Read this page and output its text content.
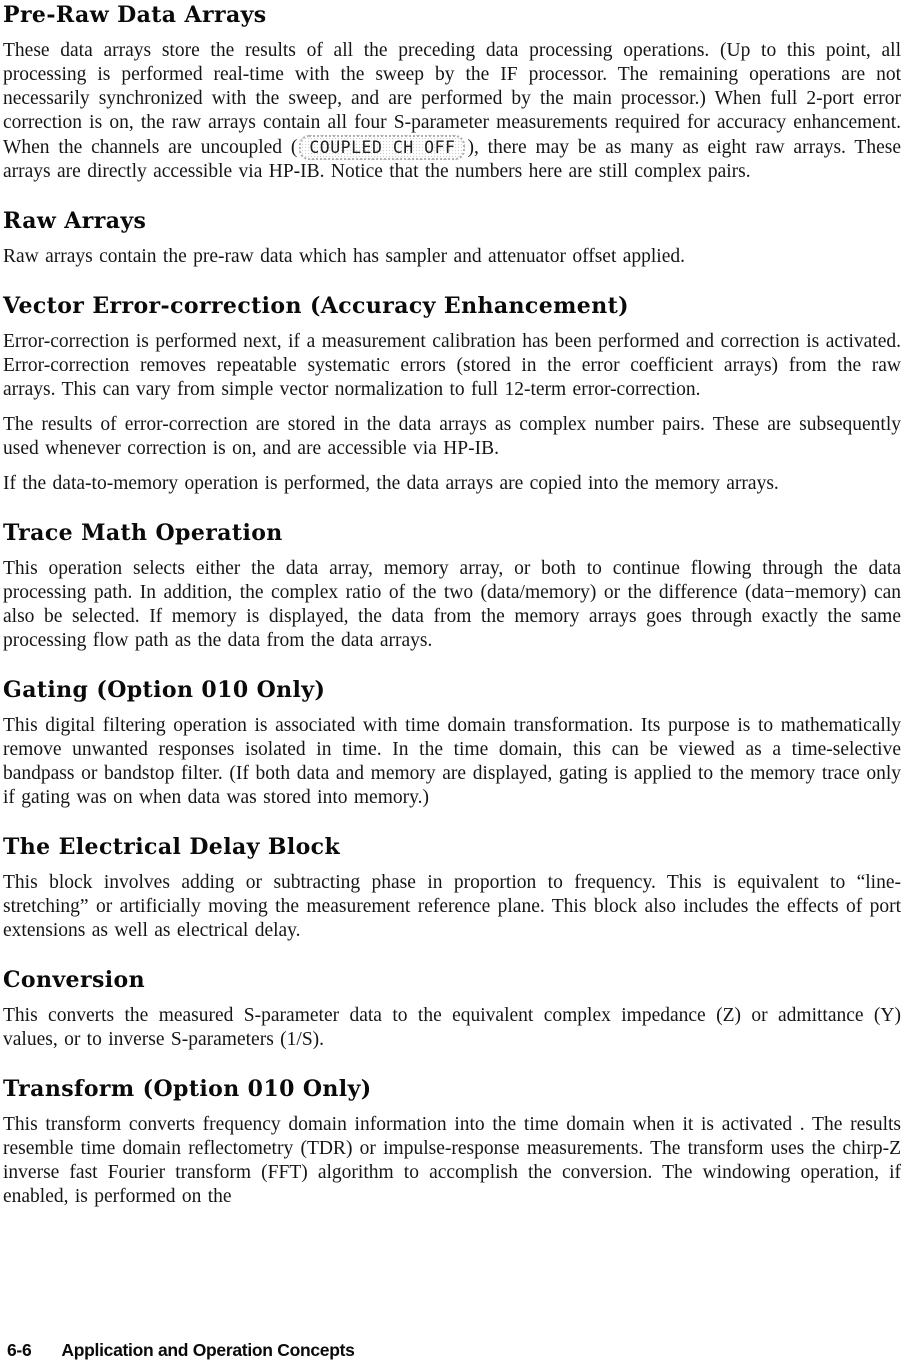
Pre-Raw Data Arrays

These data arrays store the results of all the preceding data processing operations. (Up to this point, all processing is performed real-time with the sweep by the IF processor. The remaining operations are not necessarily synchronized with the sweep, and are performed by the main processor.) When full 2-port error correction is on, the raw arrays contain all four S-parameter measurements required for accuracy enhancement. When the channels are uncoupled ( COUPLED CH OFF ), there may be as many as eight raw arrays. These arrays are directly accessible via HP-IB. Notice that the numbers here are still complex pairs.

Raw Arrays

Raw arrays contain the pre-raw data which has sampler and attenuator offset applied.

Vector Error-correction (Accuracy Enhancement)

Error-correction is performed next, if a measurement calibration has been performed and correction is activated. Error-correction removes repeatable systematic errors (stored in the error coefficient arrays) from the raw arrays. This can vary from simple vector normalization to full 12-term error-correction.

The results of error-correction are stored in the data arrays as complex number pairs. These are subsequently used whenever correction is on, and are accessible via HP-IB.

If the data-to-memory operation is performed, the data arrays are copied into the memory arrays.

Trace Math Operation

This operation selects either the data array, memory array, or both to continue flowing through the data processing path. In addition, the complex ratio of the two (data/memory) or the difference (data−memory) can also be selected. If memory is displayed, the data from the memory arrays goes through exactly the same processing flow path as the data from the data arrays.

Gating (Option 010 Only)

This digital filtering operation is associated with time domain transformation. Its purpose is to mathematically remove unwanted responses isolated in time. In the time domain, this can be viewed as a time-selective bandpass or bandstop filter. (If both data and memory are displayed, gating is applied to the memory trace only if gating was on when data was stored into memory.)

The Electrical Delay Block

This block involves adding or subtracting phase in proportion to frequency. This is equivalent to “line-stretching” or artificially moving the measurement reference plane. This block also includes the effects of port extensions as well as electrical delay.

Conversion

This converts the measured S-parameter data to the equivalent complex impedance (Z) or admittance (Y) values, or to inverse S-parameters (1/S).

Transform (Option 010 Only)

This transform converts frequency domain information into the time domain when it is activated . The results resemble time domain reflectometry (TDR) or impulse-response measurements. The transform uses the chirp-Z inverse fast Fourier transform (FFT) algorithm to accomplish the conversion. The windowing operation, if enabled, is performed on the

6-6 Application and Operation Concepts
